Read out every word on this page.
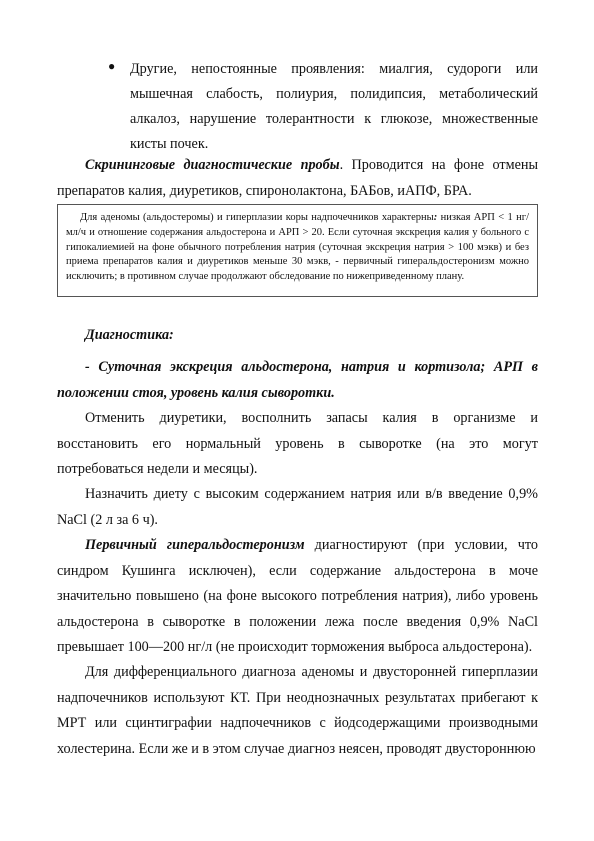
● Другие, непостоянные проявления: миалгия, судороги или мышечная слабость, полиурия, полидипсия, метаболический алкалоз, нарушение толерантности к глюкозе, множественные кисты почек.
Скрининговые диагностические пробы. Проводится на фоне отмены препаратов калия, диуретиков, спиронолактона, БАБов, иАПФ, БРА.
Для аденомы (альдостеромы) и гиперплазии коры надпочечников характерны: низкая АРП < 1 нг/мл/ч и отношение содержания альдостерона и АРП > 20. Если суточная экскреция калия у больного с гипокалиемией на фоне обычного потребления натрия (суточная экскреция натрия > 100 мэкв) и без приема препаратов калия и диуретиков меньше 30 мэкв, - первичный гиперальдостеронизм можно исключить; в противном случае продолжают обследование по нижеприведенному плану.
Диагностика:
- Суточная экскреция альдостерона, натрия и кортизола; АРП в положении стоя, уровень калия сыворотки.
Отменить диуретики, восполнить запасы калия в организме и восстановить его нормальный уровень в сыворотке (на это могут потребоваться недели и месяцы).
Назначить диету с высоким содержанием натрия или в/в введение 0,9% NaCl (2 л за 6 ч).
Первичный гиперальдостеронизм диагностируют (при условии, что синдром Кушинга исключен), если содержание альдостерона в моче значительно повышено (на фоне высокого потребления натрия), либо уровень альдостерона в сыворотке в положении лежа после введения 0,9% NaCl превышает 100—200 нг/л (не происходит торможения выброса альдостерона).
Для дифференциального диагноза аденомы и двусторонней гиперплазии надпочечников используют КТ. При неоднозначных результатах прибегают к МРТ или сцинтиграфии надпочечников с йодсодержащими производными холестерина. Если же и в этом случае диагноз неясен, проводят двустороннюю
